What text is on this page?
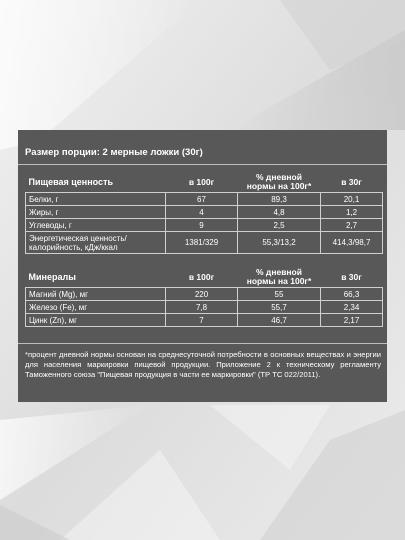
Размер порции: 2 мерные ложки (30г)
Пищевая ценность	в 100г	% дневной нормы на 100г*	в 30г
Белки, г	67	89,3	20,1
Жиры, г	4	4,8	1,2
Углеводы, г	9	2,5	2,7
Энергетическая ценность/ калорийность, кДж/ккал	1381/329	55,3/13,2	414,3/98,7
Минералы	в 100г	% дневной нормы на 100г*	в 30г
Магний (Mg), мг	220	55	66,3
Железо (Fe), мг	7,8	55,7	2,34
Цинк (Zn), мг	7	46,7	2,17
*процент дневной нормы основан на среднесуточной потребности в основных веществах и энергии для населения маркировки пищевой продукции. Приложение 2 к техническому регламенту Таможенного союза "Пищевая продукция в части ее маркировки" (ТР ТС 022/2011).
